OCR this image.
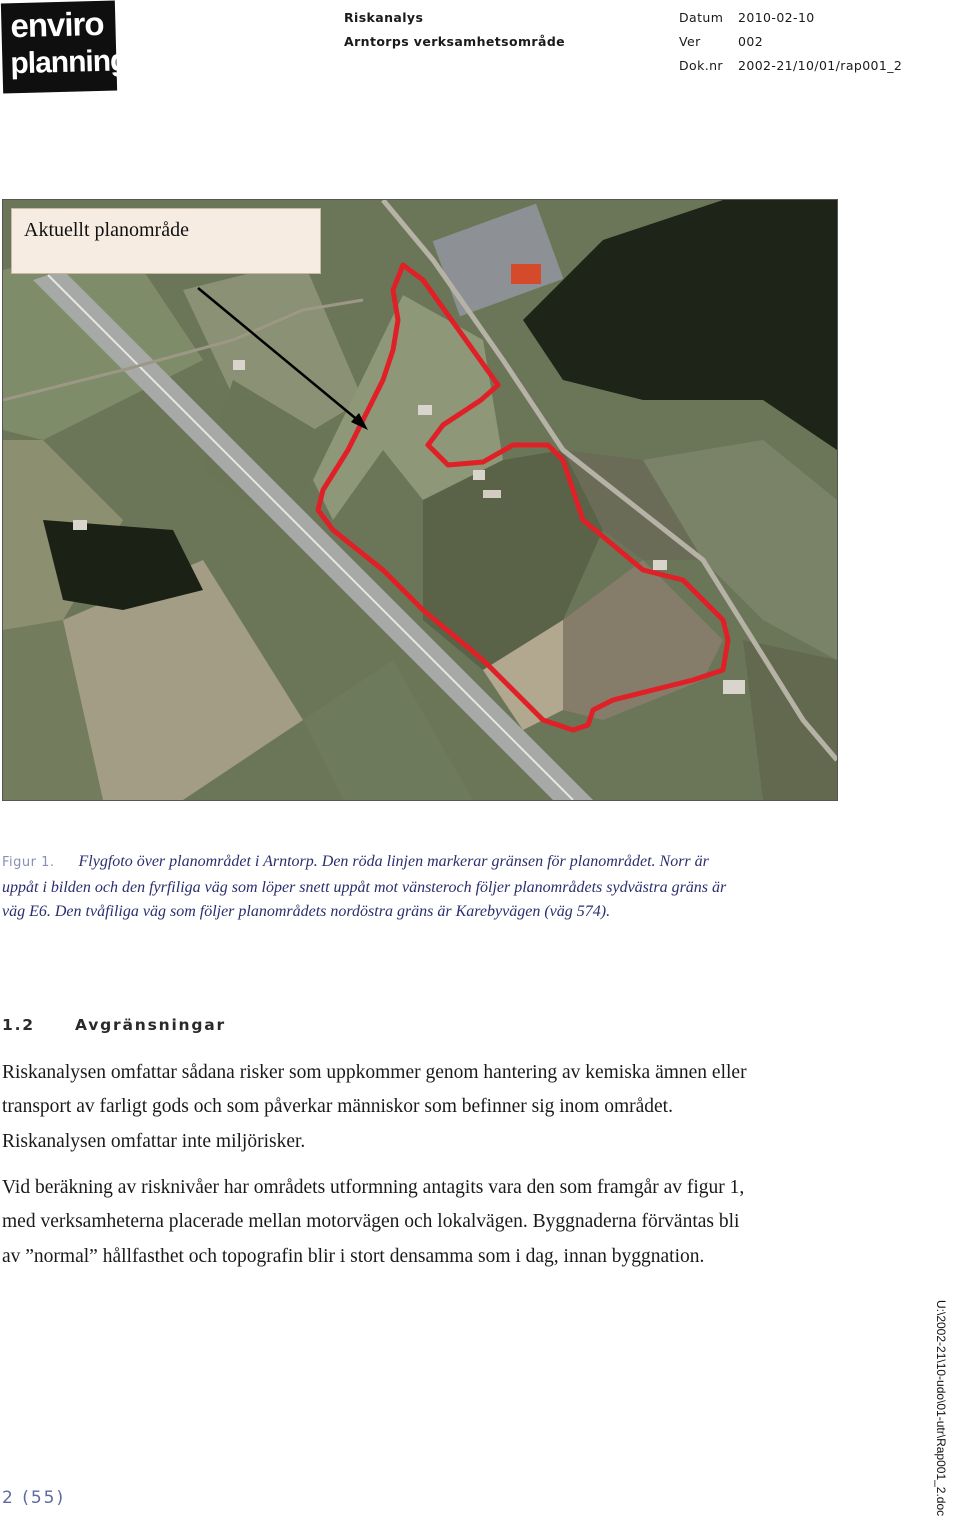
enviro
planning
Riskanalys
Arntorps verksamhetsområde
Datum 2010-02-10
Ver	002
Dok.nr 2002-21/10/01/rap001_2
Aktuellt planområde
Figur 1. Flygfoto över planområdet i Arntorp. Den röda linjen markerar gränsen för planområdet. Norr är uppåt i bilden och den fyrfiliga väg som löper snett uppåt mot vänsteroch följer planområdets sydvästra gräns är väg E6. Den tvåfiliga väg som följer planområdets nordöstra gräns är Karebyvägen (väg 574).
1.2	Avgränsningar
Riskanalysen omfattar sådana risker som uppkommer genom hantering av kemiska ämnen eller transport av farligt gods och som påverkar människor som befinner sig inom området. Riskanalysen omfattar inte miljörisker.
Vid beräkning av risknivåer har områdets utformning antagits vara den som framgår av figur 1, med verksamheterna placerade mellan motorvägen och lokalvägen. Byggnaderna förväntas bli av ”normal” hållfasthet och topografin blir i stort densamma som i dag, innan byggnation.
2 (55)	U:\2002-21\10-udo\01-utr\Rap001_2.doc
